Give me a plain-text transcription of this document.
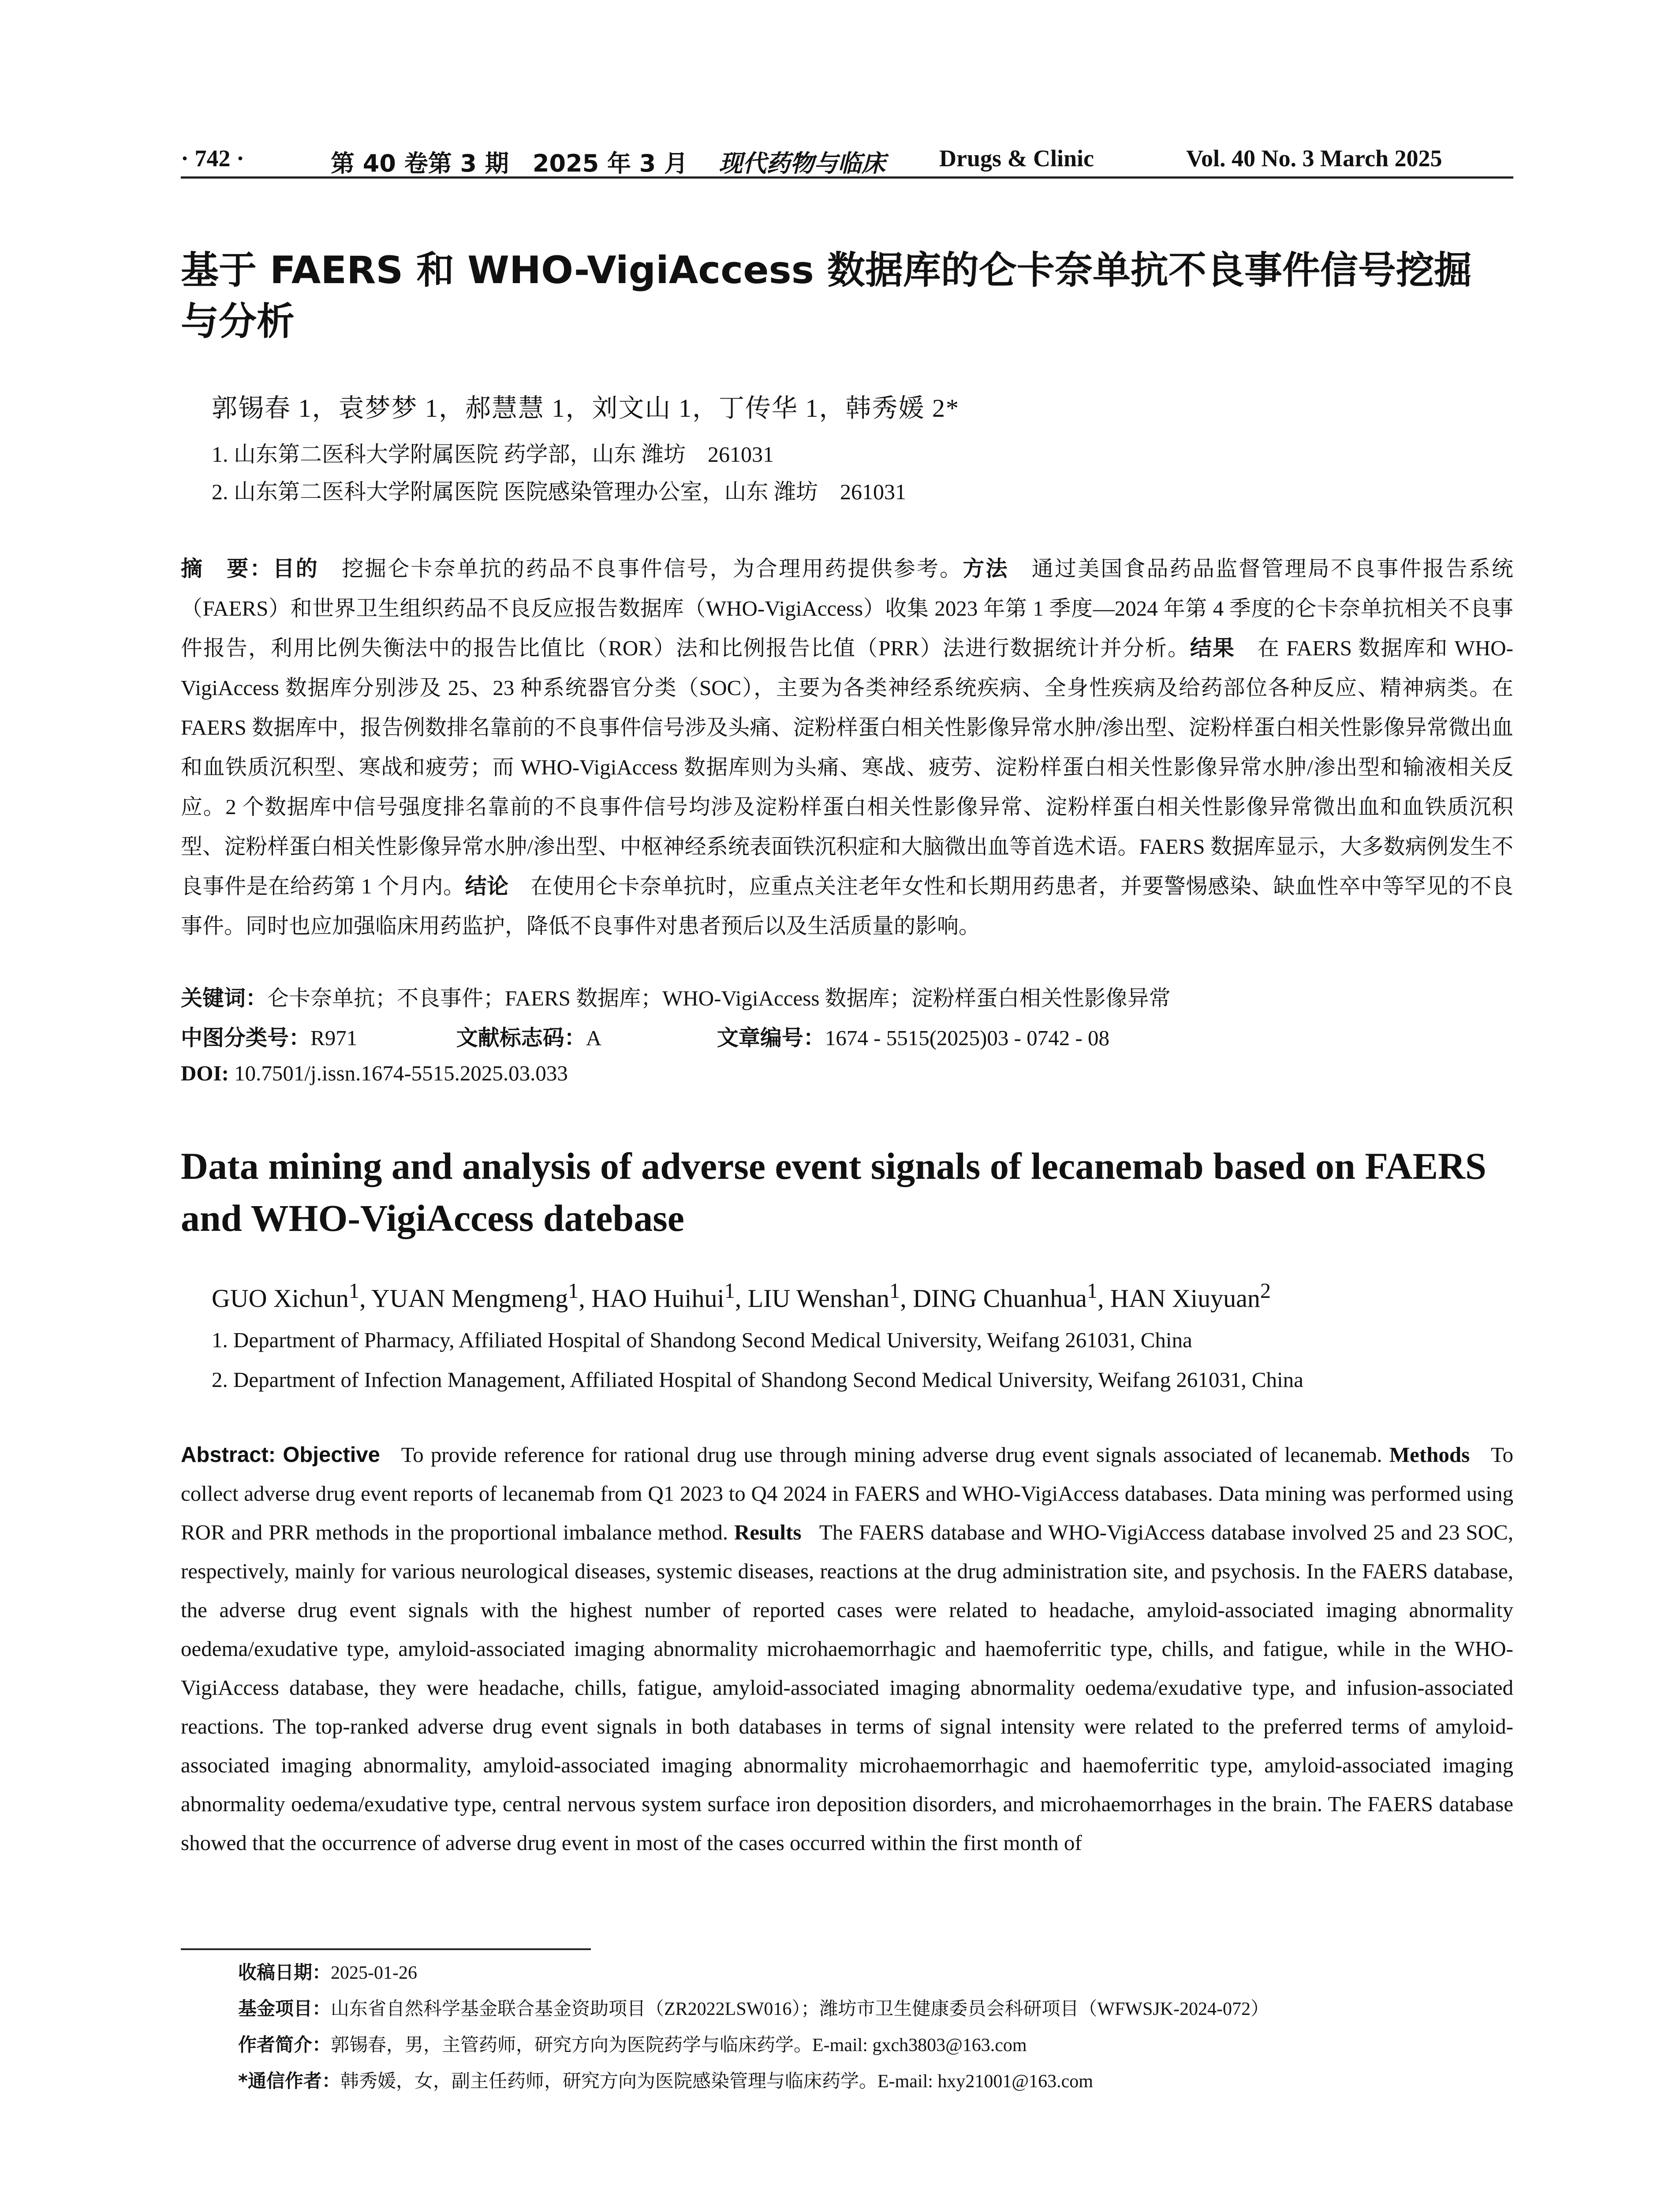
· 742 ·	第 40 卷第 3 期　2025 年 3 月 现代药物与临床 Drugs & Clinic	Vol. 40 No. 3 March 2025
基于 FAERS 和 WHO-VigiAccess 数据库的仑卡奈单抗不良事件信号挖掘与分析
郭锡春 1，袁梦梦 1，郝慧慧 1，刘文山 1，丁传华 1，韩秀媛 2*
1. 山东第二医科大学附属医院 药学部，山东 潍坊　261031
2. 山东第二医科大学附属医院 医院感染管理办公室，山东 潍坊　261031
摘　要：目的　 挖掘仑卡奈单抗的药品不良事件信号，为合理用药提供参考。方法　 通过美国食品药品监督管理局不良事件报告系统（FAERS）和世界卫生组织药品不良反应报告数据库（WHO-VigiAccess）收集 2023 年第 1 季度—2024 年第 4 季度的仑卡奈单抗相关不良事件报告，利用比例失衡法中的报告比值比（ROR）法和比例报告比值（PRR）法进行数据统计并分析。结果　 在 FAERS 数据库和 WHO-VigiAccess 数据库分别涉及 25、23 种系统器官分类（SOC），主要为各类神经系统疾病、全身性疾病及给药部位各种反应、精神病类。在 FAERS 数据库中，报告例数排名靠前的不良事件信号涉及头痛、淀粉样蛋白相关性影像异常水肿/渗出型、淀粉样蛋白相关性影像异常微出血和血铁质沉积型、寒战和疲劳；而 WHO-VigiAccess 数据库则为头痛、寒战、疲劳、淀粉样蛋白相关性影像异常水肿/渗出型和输液相关反应。2 个数据库中信号强度排名靠前的不良事件信号均涉及淀粉样蛋白相关性影像异常、淀粉样蛋白相关性影像异常微出血和血铁质沉积型、淀粉样蛋白相关性影像异常水肿/渗出型、中枢神经系统表面铁沉积症和大脑微出血等首选术语。FAERS 数据库显示，大多数病例发生不良事件是在给药第 1 个月内。结论　 在使用仑卡奈单抗时，应重点关注老年女性和长期用药患者，并要警惕感染、缺血性卒中等罕见的不良事件。同时也应加强临床用药监护，降低不良事件对患者预后以及生活质量的影响。
关键词：仑卡奈单抗；不良事件；FAERS 数据库；WHO-VigiAccess 数据库；淀粉样蛋白相关性影像异常
中图分类号：R971	文献标志码：A	文章编号：1674 - 5515(2025)03 - 0742 - 08
DOI: 10.7501/j.issn.1674-5515.2025.03.033
Data mining and analysis of adverse event signals of lecanemab based on FAERS and WHO-VigiAccess datebase
GUO Xichun$^1$, YUAN Mengmeng$^1$, HAO Huihui$^1$, LIU Wenshan$^1$, DING Chuanhua$^1$, HAN Xiuyuan$^2$
1. Department of Pharmacy, Affiliated Hospital of Shandong Second Medical University, Weifang 261031, China
2. Department of Infection Management, Affiliated Hospital of Shandong Second Medical University, Weifang 261031, China
Abstract: Objective To provide reference for rational drug use through mining adverse drug event signals associated of lecanemab. Methods To collect adverse drug event reports of lecanemab from Q1 2023 to Q4 2024 in FAERS and WHO-VigiAccess databases. Data mining was performed using ROR and PRR methods in the proportional imbalance method. Results The FAERS database and WHO-VigiAccess database involved 25 and 23 SOC, respectively, mainly for various neurological diseases, systemic diseases, reactions at the drug administration site, and psychosis. In the FAERS database, the adverse drug event signals with the highest number of reported cases were related to headache, amyloid-associated imaging abnormality oedema/exudative type, amyloid-associated imaging abnormality microhaemorrhagic and haemoferritic type, chills, and fatigue, while in the WHO-VigiAccess database, they were headache, chills, fatigue, amyloid-associated imaging abnormality oedema/exudative type, and infusion-associated reactions. The top-ranked adverse drug event signals in both databases in terms of signal intensity were related to the preferred terms of amyloid-associated imaging abnormality, amyloid-associated imaging abnormality microhaemorrhagic and haemoferritic type, amyloid-associated imaging abnormality oedema/exudative type, central nervous system surface iron deposition disorders, and microhaemorrhages in the brain. The FAERS database showed that the occurrence of adverse drug event in most of the cases occurred within the first month of
收稿日期：2025-01-26
基金项目：山东省自然科学基金联合基金资助项目（ZR2022LSW016）；潍坊市卫生健康委员会科研项目（WFWSJK-2024-072）
作者简介：郭锡春，男，主管药师，研究方向为医院药学与临床药学。E-mail: gxch3803@163.com
*通信作者：韩秀媛，女，副主任药师，研究方向为医院感染管理与临床药学。E-mail: hxy21001@163.com
